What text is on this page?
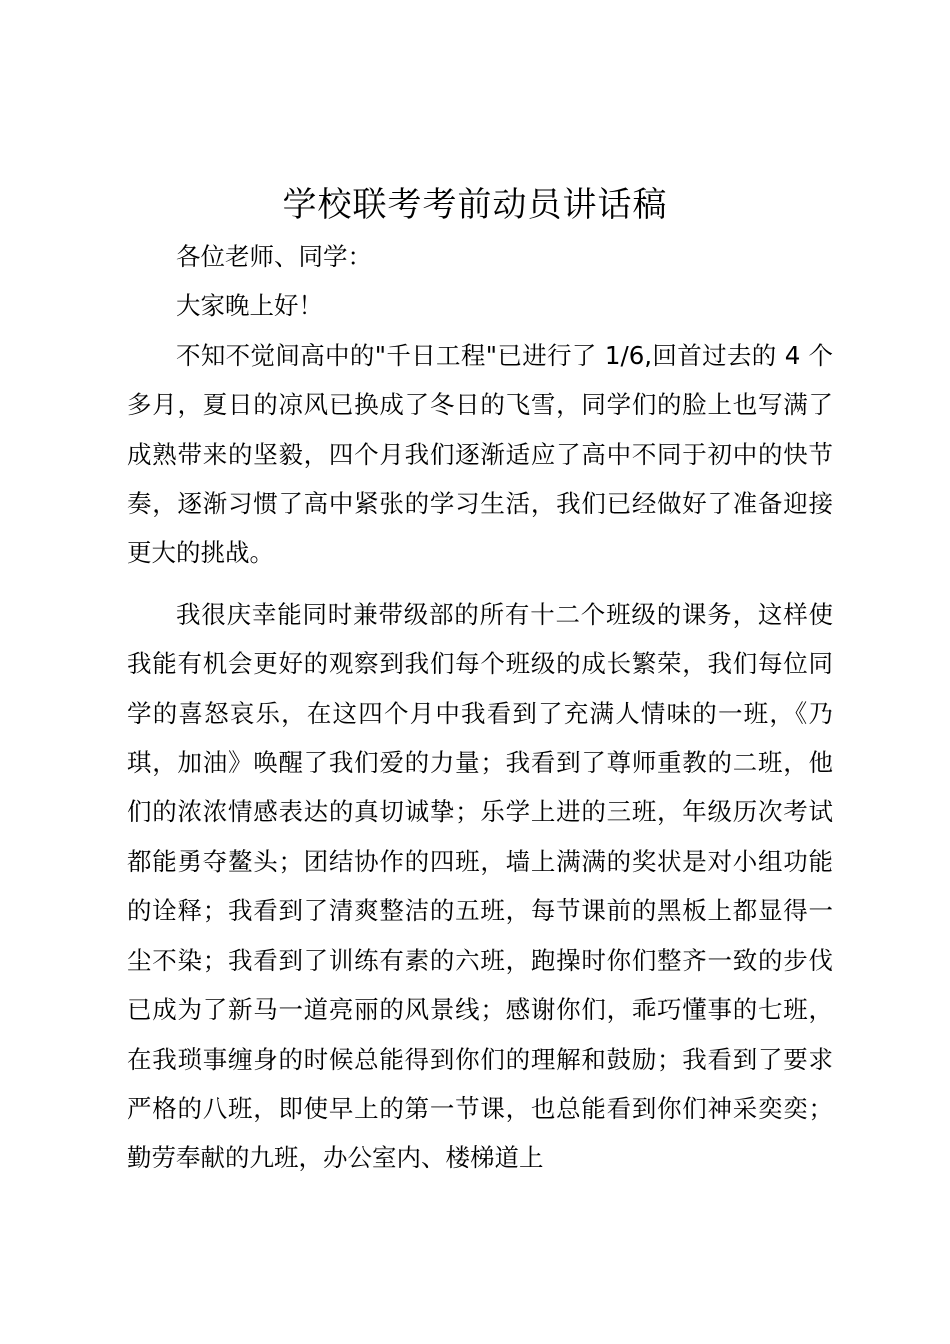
学校联考考前动员讲话稿

各位老师、同学：

大家晚上好！

不知不觉间高中的"千日工程"已进行了 1/6,回首过去的 4 个多月，夏日的凉风已换成了冬日的飞雪，同学们的脸上也写满了成熟带来的坚毅，四个月我们逐渐适应了高中不同于初中的快节奏，逐渐习惯了高中紧张的学习生活，我们已经做好了准备迎接更大的挑战。

我很庆幸能同时兼带级部的所有十二个班级的课务，这样使我能有机会更好的观察到我们每个班级的成长繁荣，我们每位同学的喜怒哀乐，在这四个月中我看到了充满人情味的一班，《乃琪，加油》唤醒了我们爱的力量；我看到了尊师重教的二班，他们的浓浓情感表达的真切诚挚；乐学上进的三班，年级历次考试都能勇夺鳌头；团结协作的四班，墙上满满的奖状是对小组功能的诠释；我看到了清爽整洁的五班，每节课前的黑板上都显得一尘不染；我看到了训练有素的六班，跑操时你们整齐一致的步伐已成为了新马一道亮丽的风景线；感谢你们，乖巧懂事的七班，在我琐事缠身的时候总能得到你们的理解和鼓励；我看到了要求严格的八班，即使早上的第一节课，也总能看到你们神采奕奕；勤劳奉献的九班，办公室内、楼梯道上
